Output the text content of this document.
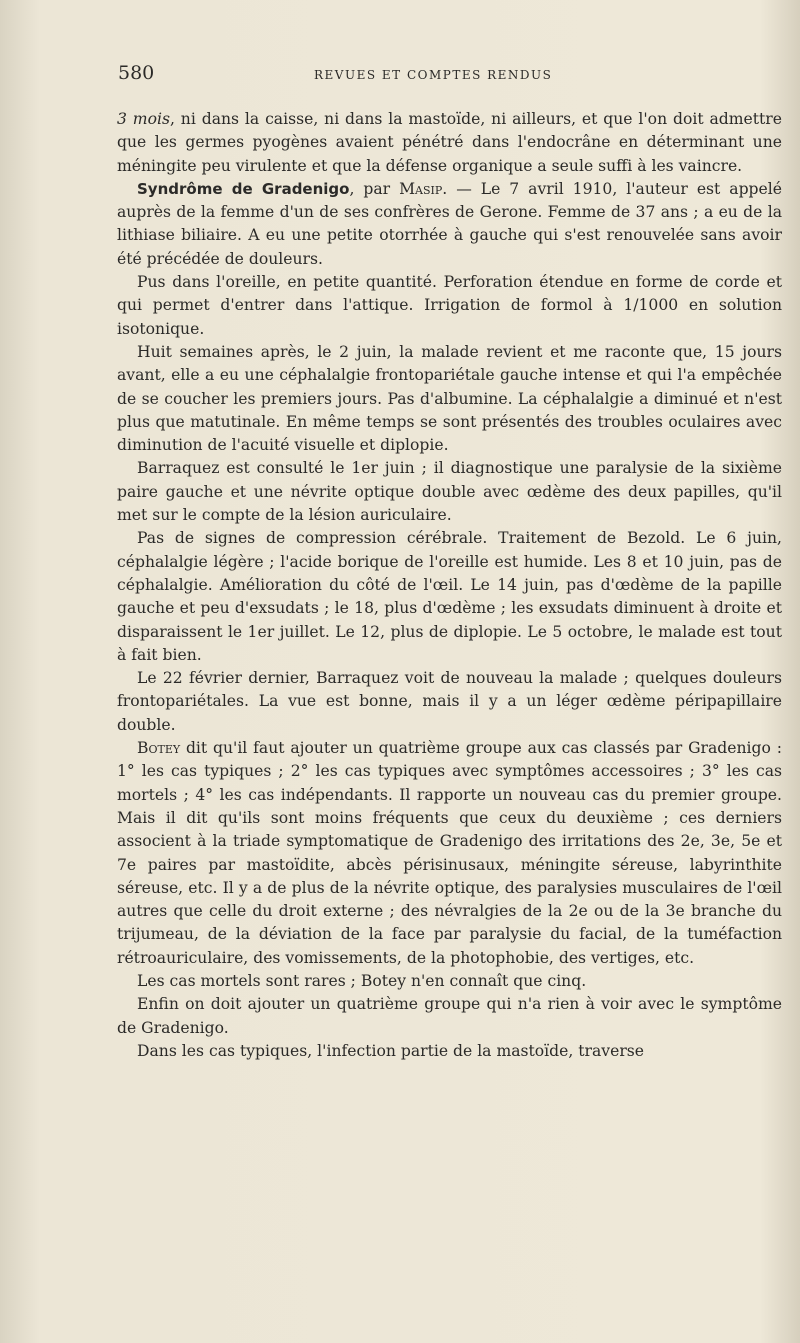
580	REVUES ET COMPTES RENDUS

3 mois, ni dans la caisse, ni dans la mastoïde, ni ailleurs, et que l'on doit admettre que les germes pyogènes avaient pénétré dans l'endocrâne en déterminant une méningite peu virulente et que la défense organique a seule suffi à les vaincre.

Syndrôme de Gradenigo, par Masip. — Le 7 avril 1910, l'auteur est appelé auprès de la femme d'un de ses confrères de Gerone. Femme de 37 ans ; a eu de la lithiase biliaire. A eu une petite otorrhée à gauche qui s'est renouvelée sans avoir été précédée de douleurs.

Pus dans l'oreille, en petite quantité. Perforation étendue en forme de corde et qui permet d'entrer dans l'attique. Irrigation de formol à 1/1000 en solution isotonique.

Huit semaines après, le 2 juin, la malade revient et me raconte que, 15 jours avant, elle a eu une céphalalgie frontopariétale gauche intense et qui l'a empêchée de se coucher les premiers jours. Pas d'albumine. La céphalalgie a diminué et n'est plus que matutinale. En même temps se sont présentés des troubles oculaires avec diminution de l'acuité visuelle et diplopie.

Barraquez est consulté le 1er juin ; il diagnostique une paralysie de la sixième paire gauche et une névrite optique double avec œdème des deux papilles, qu'il met sur le compte de la lésion auriculaire.

Pas de signes de compression cérébrale. Traitement de Bezold. Le 6 juin, céphalalgie légère ; l'acide borique de l'oreille est humide. Les 8 et 10 juin, pas de céphalalgie. Amélioration du côté de l'œil. Le 14 juin, pas d'œdème de la papille gauche et peu d'exsudats ; le 18, plus d'œdème ; les exsudats diminuent à droite et disparaissent le 1er juillet. Le 12, plus de diplopie. Le 5 octobre, le malade est tout à fait bien.

Le 22 février dernier, Barraquez voit de nouveau la malade ; quelques douleurs frontopariétales. La vue est bonne, mais il y a un léger œdème péripapillaire double.

Botey dit qu'il faut ajouter un quatrième groupe aux cas classés par Gradenigo : 1° les cas typiques ; 2° les cas typiques avec symptômes accessoires ; 3° les cas mortels ; 4° les cas indépendants. Il rapporte un nouveau cas du premier groupe. Mais il dit qu'ils sont moins fréquents que ceux du deuxième ; ces derniers associent à la triade symptomatique de Gradenigo des irritations des 2e, 3e, 5e et 7e paires par mastoïdite, abcès périsinusaux, méningite séreuse, labyrinthite séreuse, etc. Il y a de plus de la névrite optique, des paralysies musculaires de l'œil autres que celle du droit externe ; des névralgies de la 2e ou de la 3e branche du trijumeau, de la déviation de la face par paralysie du facial, de la tuméfaction rétroauriculaire, des vomissements, de la photophobie, des vertiges, etc.

Les cas mortels sont rares ; Botey n'en connaît que cinq.

Enfin on doit ajouter un quatrième groupe qui n'a rien à voir avec le symptôme de Gradenigo.

Dans les cas typiques, l'infection partie de la mastoïde, traverse
